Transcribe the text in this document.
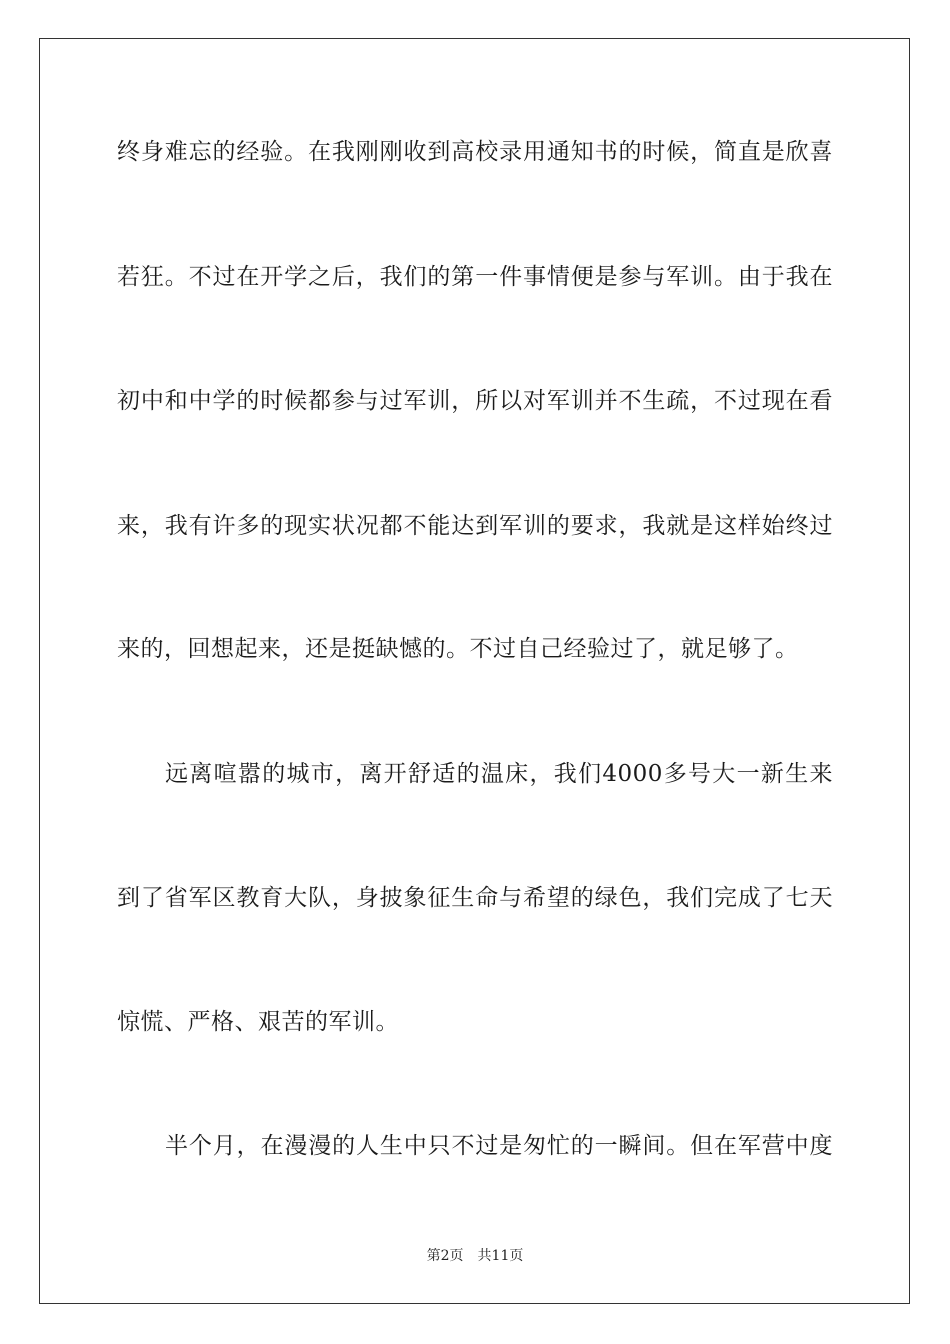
终身难忘的经验。在我刚刚收到高校录用通知书的时候，简直是欣喜
若狂。不过在开学之后，我们的第一件事情便是参与军训。由于我在
初中和中学的时候都参与过军训，所以对军训并不生疏，不过现在看
来，我有许多的现实状况都不能达到军训的要求，我就是这样始终过
来的，回想起来，还是挺缺憾的。不过自己经验过了，就足够了。
远离喧嚣的城市，离开舒适的温床，我们4000多号大一新生来
到了省军区教育大队，身披象征生命与希望的绿色，我们完成了七天
惊慌、严格、艰苦的军训。
半个月，在漫漫的人生中只不过是匆忙的一瞬间。但在军营中度
第2页 共11页
